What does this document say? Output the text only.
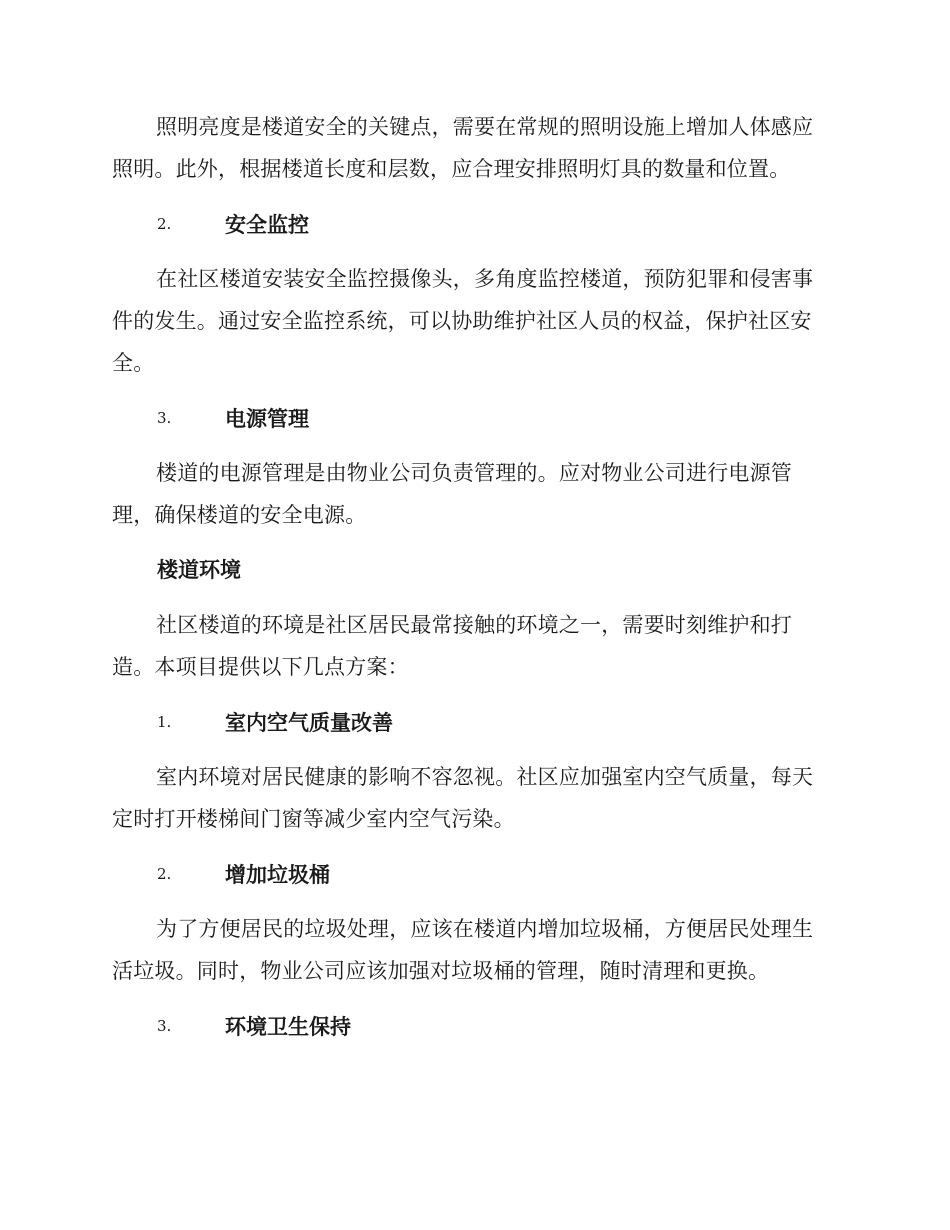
照明亮度是楼道安全的关键点，需要在常规的照明设施上增加人体感应照明。此外，根据楼道长度和层数，应合理安排照明灯具的数量和位置。

2.	安全监控

在社区楼道安装安全监控摄像头，多角度监控楼道，预防犯罪和侵害事件的发生。通过安全监控系统，可以协助维护社区人员的权益，保护社区安全。

3.	电源管理

楼道的电源管理是由物业公司负责管理的。应对物业公司进行电源管理，确保楼道的安全电源。

楼道环境

社区楼道的环境是社区居民最常接触的环境之一，需要时刻维护和打造。本项目提供以下几点方案：

1.	室内空气质量改善

室内环境对居民健康的影响不容忽视。社区应加强室内空气质量，每天定时打开楼梯间门窗等减少室内空气污染。

2.	增加垃圾桶

为了方便居民的垃圾处理，应该在楼道内增加垃圾桶，方便居民处理生活垃圾。同时，物业公司应该加强对垃圾桶的管理，随时清理和更换。

3.	环境卫生保持
